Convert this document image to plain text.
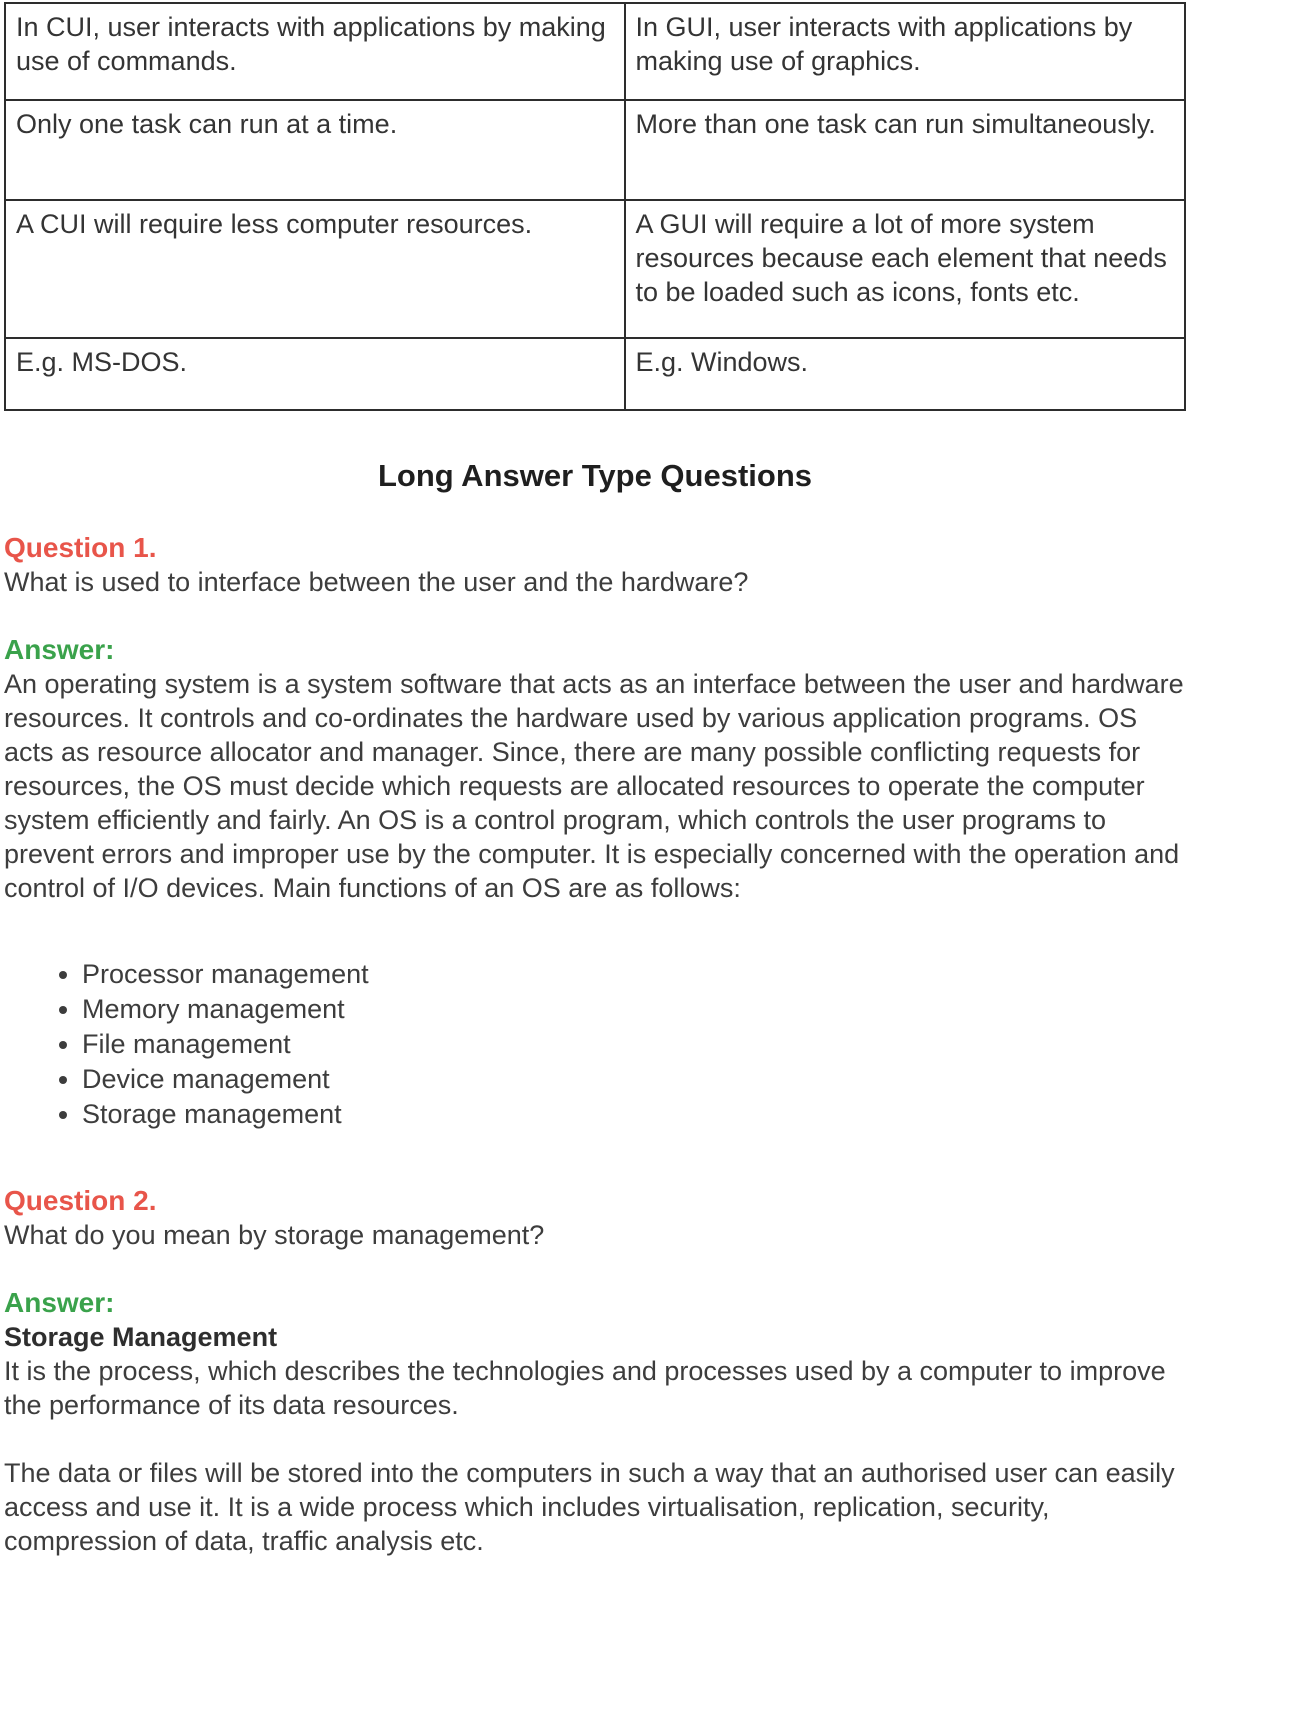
In CUI, user interacts with applications by making use of commands.	In GUI, user interacts with applications by making use of graphics.
Only one task can run at a time.	More than one task can run simultaneously.
A CUI will require less computer resources.	A GUI will require a lot of more system resources because each element that needs to be loaded such as icons, fonts etc.
E.g. MS-DOS.	E.g. Windows.
Long Answer Type Questions
Question 1.

What is used to interface between the user and the hardware?

Answer:

An operating system is a system software that acts as an interface between the user and hardware resources. It controls and co-ordinates the hardware used by various application programs. OS acts as resource allocator and manager. Since, there are many possible conflicting requests for resources, the OS must decide which requests are allocated resources to operate the computer system efficiently and fairly. An OS is a control program, which controls the user programs to prevent errors and improper use by the computer. It is especially concerned with the operation and control of I/O devices. Main functions of an OS are as follows:

• Processor management
• Memory management
• File management
• Device management
• Storage management
Question 2.

What do you mean by storage management?

Answer:
Storage Management

It is the process, which describes the technologies and processes used by a computer to improve the performance of its data resources.

The data or files will be stored into the computers in such a way that an authorised user can easily access and use it. It is a wide process which includes virtualisation, replication, security, compression of data, traffic analysis etc.
